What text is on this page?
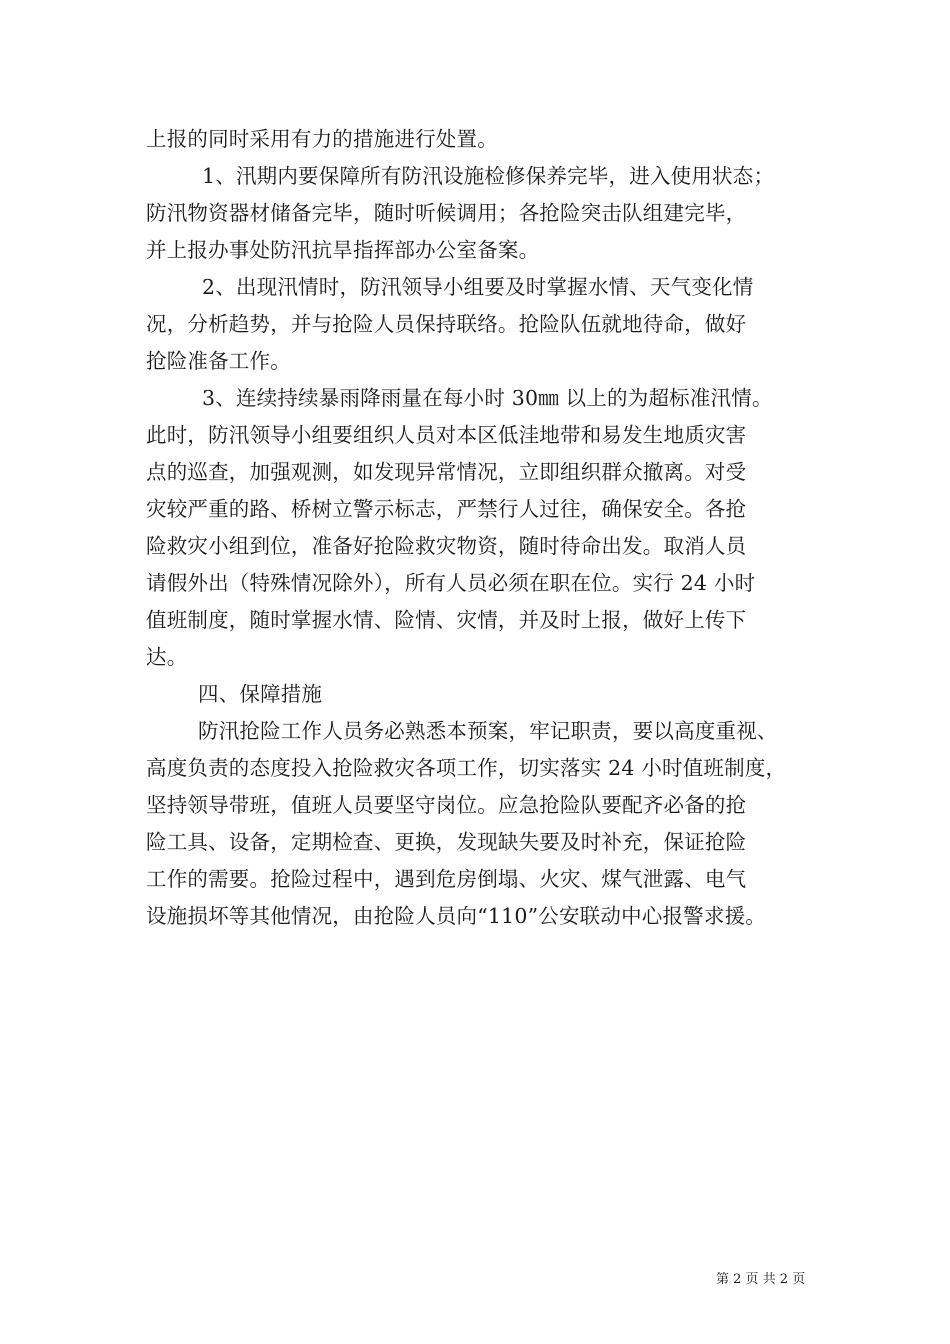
上报的同时采用有力的措施进行处置。
1、汛期内要保障所有防汛设施检修保养完毕，进入使用状态；
防汛物资器材储备完毕，随时听候调用；各抢险突击队组建完毕，
并上报办事处防汛抗旱指挥部办公室备案。
2、出现汛情时，防汛领导小组要及时掌握水情、天气变化情
况，分析趋势，并与抢险人员保持联络。抢险队伍就地待命，做好
抢险准备工作。
3、连续持续暴雨降雨量在每小时 30㎜ 以上的为超标准汛情。
此时，防汛领导小组要组织人员对本区低洼地带和易发生地质灾害
点的巡查，加强观测，如发现异常情况，立即组织群众撤离。对受
灾较严重的路、桥树立警示标志，严禁行人过往，确保安全。各抢
险救灾小组到位，准备好抢险救灾物资，随时待命出发。取消人员
请假外出（特殊情况除外），所有人员必须在职在位。实行 24 小时
值班制度，随时掌握水情、险情、灾情，并及时上报，做好上传下
达。
四、保障措施
防汛抢险工作人员务必熟悉本预案，牢记职责，要以高度重视、
高度负责的态度投入抢险救灾各项工作，切实落实 24 小时值班制度，
坚持领导带班，值班人员要坚守岗位。应急抢险队要配齐必备的抢
险工具、设备，定期检查、更换，发现缺失要及时补充，保证抢险
工作的需要。抢险过程中，遇到危房倒塌、火灾、煤气泄露、电气
设施损坏等其他情况，由抢险人员向“110”公安联动中心报警求援。
第 2 页 共 2 页
